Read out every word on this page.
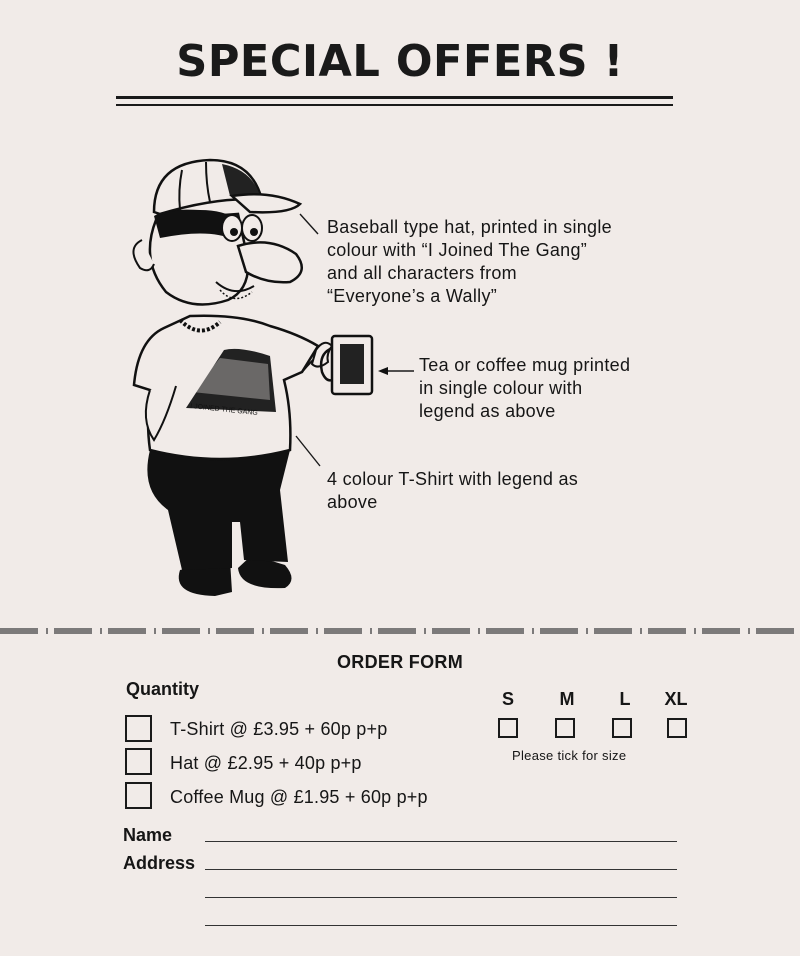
SPECIAL OFFERS !
I JOINED THE GANG
Baseball type hat, printed in single
colour with “I Joined The Gang”
and all characters from
“Everyone’s a Wally”
Tea or coffee mug printed
in single colour with
legend as above
4 colour T-Shirt with legend as
above
ORDER FORM
Quantity
T-Shirt @ £3.95 + 60p p+p
Hat @ £2.95 + 40p p+p
Coffee Mug @ £1.95 + 60p p+p
S	M	L	XL
Please tick for size
Name
Address
